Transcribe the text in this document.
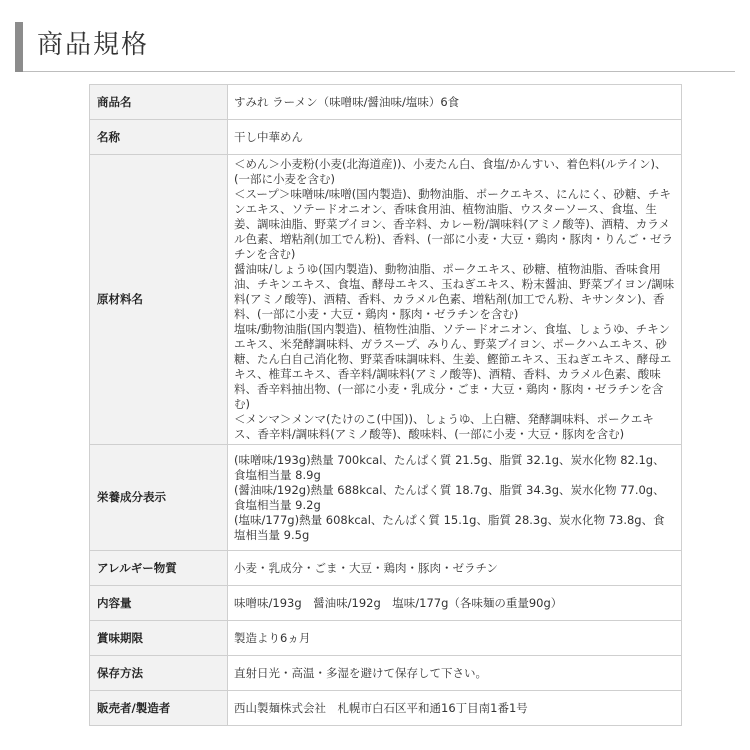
商品規格
商品名	すみれ ラーメン（味噌味/醤油味/塩味）6食

名称	干し中華めん

原材料名	＜めん＞小麦粉(小麦(北海道産))、小麦たん白、食塩/かんすい、着色料(ルテイン)、(一部に小麦を含む)

＜スープ＞味噌味/味噌(国内製造)、動物油脂、ポークエキス、にんにく、砂糖、チキンエキス、ソテードオニオン、香味食用油、植物油脂、ウスターソース、食塩、生姜、調味油脂、野菜ブイヨン、香辛料、カレー粉/調味料(アミノ酸等)、酒精、カラメル色素、増粘剤(加工でん粉)、香料、(一部に小麦・大豆・鶏肉・豚肉・りんご・ゼラチンを含む)

醤油味/しょうゆ(国内製造)、動物油脂、ポークエキス、砂糖、植物油脂、香味食用油、チキンエキス、食塩、酵母エキス、玉ねぎエキス、粉末醤油、野菜ブイヨン/調味料(アミノ酸等)、酒精、香料、カラメル色素、増粘剤(加工でん粉、キサンタン)、香料、(一部に小麦・大豆・鶏肉・豚肉・ゼラチンを含む)

塩味/動物油脂(国内製造)、植物性油脂、ソテードオニオン、食塩、しょうゆ、チキンエキス、米発酵調味料、ガラスープ、みりん、野菜ブイヨン、ポークハムエキス、砂糖、たん白自己消化物、野菜香味調味料、生姜、鰹節エキス、玉ねぎエキス、酵母エキス、椎茸エキス、香辛料/調味料(アミノ酸等)、酒精、香料、カラメル色素、酸味料、香辛料抽出物、(一部に小麦・乳成分・ごま・大豆・鶏肉・豚肉・ゼラチンを含む)

＜メンマ＞メンマ(たけのこ(中国))、しょうゆ、上白糖、発酵調味料、ポークエキス、香辛料/調味料(アミノ酸等)、酸味料、(一部に小麦・大豆・豚肉を含む)

栄養成分表示	(味噌味/193g)熱量 700kcal、たんぱく質 21.5g、脂質 32.1g、炭水化物 82.1g、食塩相当量 8.9g

(醤油味/192g)熱量 688kcal、たんぱく質 18.7g、脂質 34.3g、炭水化物 77.0g、食塩相当量 9.2g

(塩味/177g)熱量 608kcal、たんぱく質 15.1g、脂質 28.3g、炭水化物 73.8g、食塩相当量 9.5g

アレルギー物質	小麦・乳成分・ごま・大豆・鶏肉・豚肉・ゼラチン

内容量	味噌味/193g　醤油味/192g　塩味/177g（各味麺の重量90g）

賞味期限	製造より6ヵ月

保存方法	直射日光・高温・多湿を避けて保存して下さい。

販売者/製造者	西山製麺株式会社　札幌市白石区平和通16丁目南1番1号
